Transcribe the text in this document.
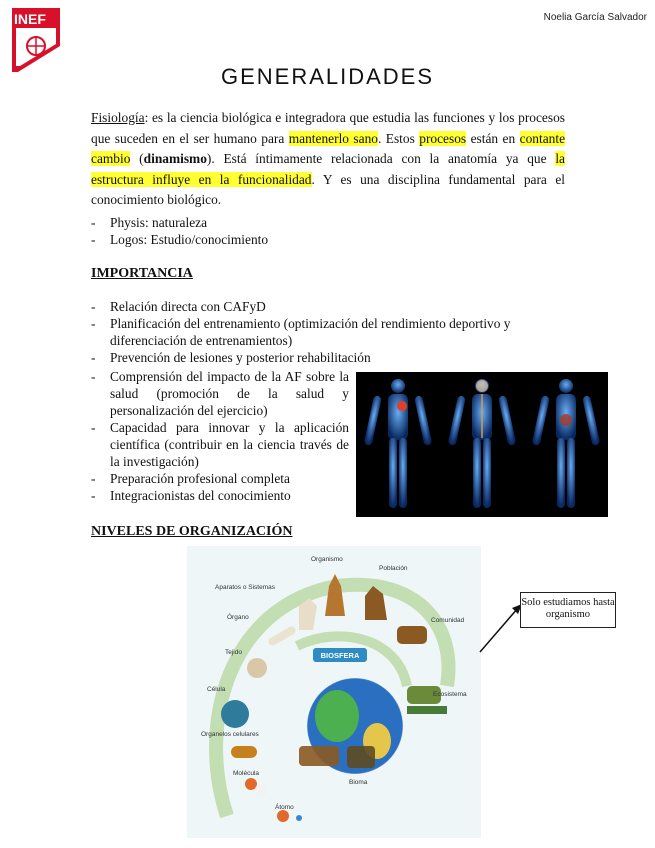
INEF	Noelia García Salvador
GENERALIDADES
Fisiología: es la ciencia biológica e integradora que estudia las funciones y los procesos que suceden en el ser humano para mantenerlo sano. Estos procesos están en contante cambio (dinamismo). Está íntimamente relacionada con la anatomía ya que la estructura influye en la funcionalidad. Y es una disciplina fundamental para el conocimiento biológico.
- Physis: naturaleza
- Logos: Estudio/conocimiento
IMPORTANCIA
- Relación directa con CAFyD
- Planificación del entrenamiento (optimización del rendimiento deportivo y diferenciación de entrenamientos)
- Prevención de lesiones y posterior rehabilitación
- Comprensión del impacto de la AF sobre la salud (promoción de la salud y personalización del ejercicio)
- Capacidad para innovar y la aplicación científica (contribuir en la ciencia través de la investigación)
- Preparación profesional completa
- Integracionistas del conocimiento
NIVELES DE ORGANIZACIÓN
BIOSFERA
Organismo
Población
Aparatos o Sistemas
Comunidad
Órgano
Tejido
Ecosistema
Célula
Organelos celulares
Molécula
Bioma
Átomo
Solo estudiamos hasta organismo
